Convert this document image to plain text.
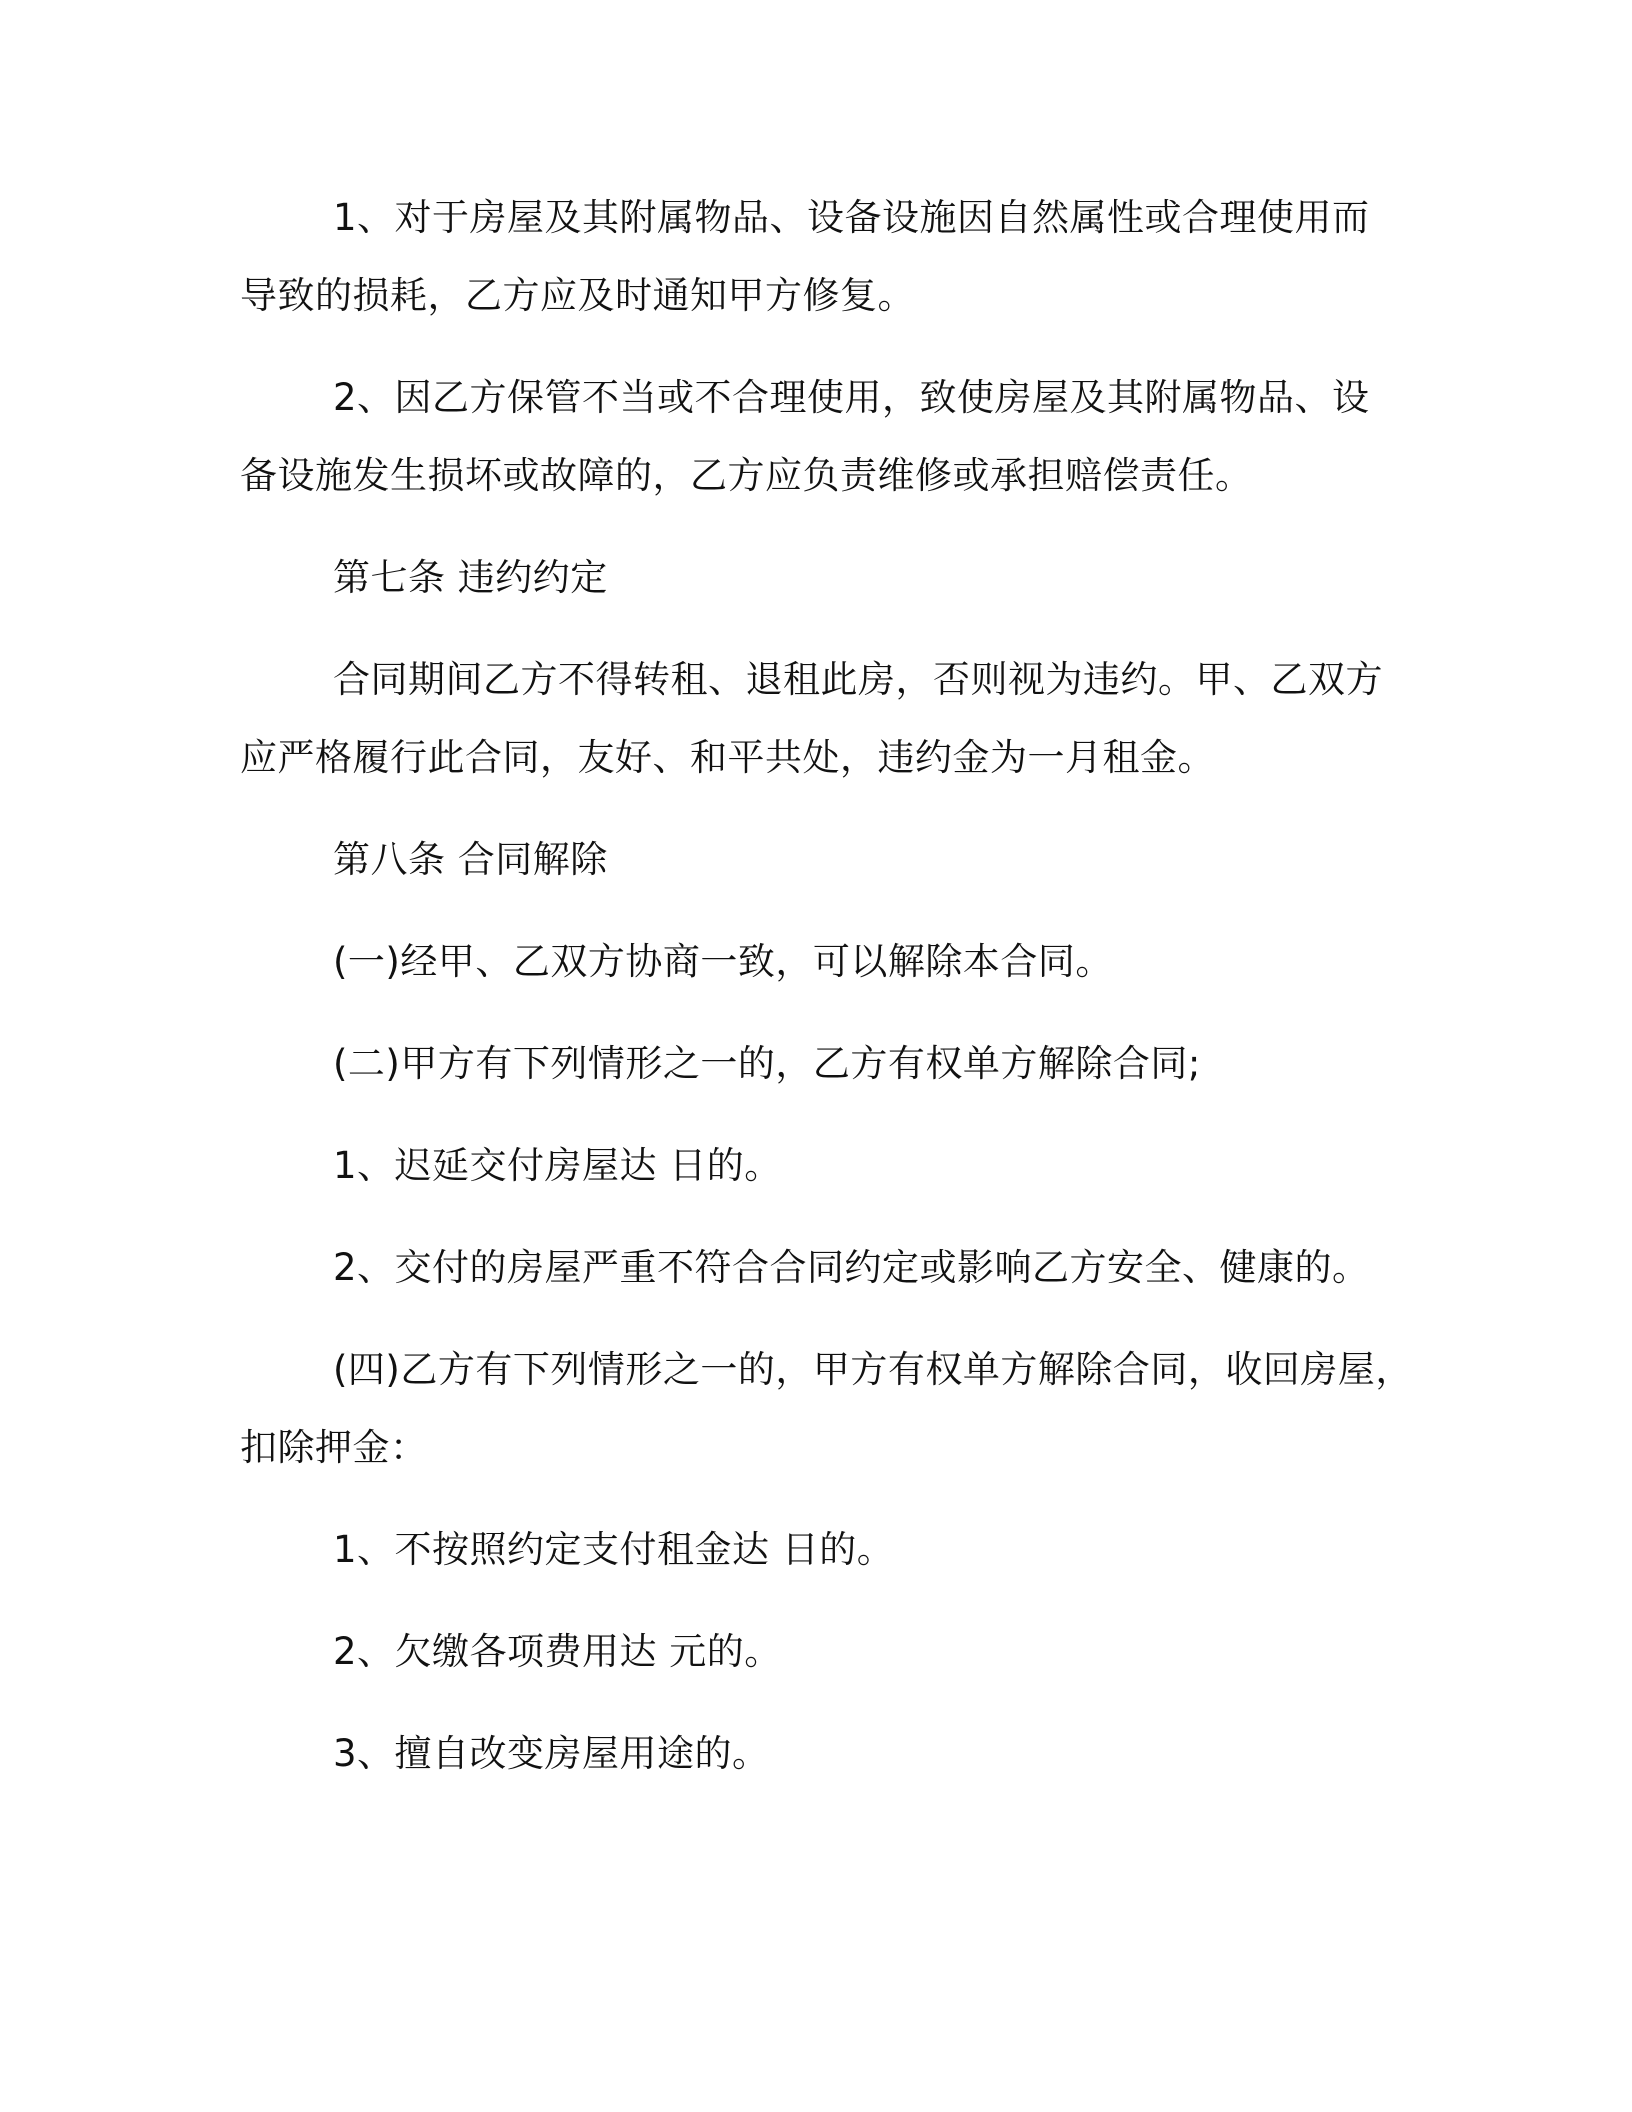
1、对于房屋及其附属物品、设备设施因自然属性或合理使用而
导致的损耗，乙方应及时通知甲方修复。
2、因乙方保管不当或不合理使用，致使房屋及其附属物品、设
备设施发生损坏或故障的，乙方应负责维修或承担赔偿责任。
第七条 违约约定
合同期间乙方不得转租、退租此房，否则视为违约。甲、乙双方
应严格履行此合同，友好、和平共处，违约金为一月租金。
第八条 合同解除
(一)经甲、乙双方协商一致，可以解除本合同。
(二)甲方有下列情形之一的，乙方有权单方解除合同;
1、迟延交付房屋达 日的。
2、交付的房屋严重不符合合同约定或影响乙方安全、健康的。
(四)乙方有下列情形之一的，甲方有权单方解除合同，收回房屋，
扣除押金：
1、不按照约定支付租金达 日的。
2、欠缴各项费用达 元的。
3、擅自改变房屋用途的。
